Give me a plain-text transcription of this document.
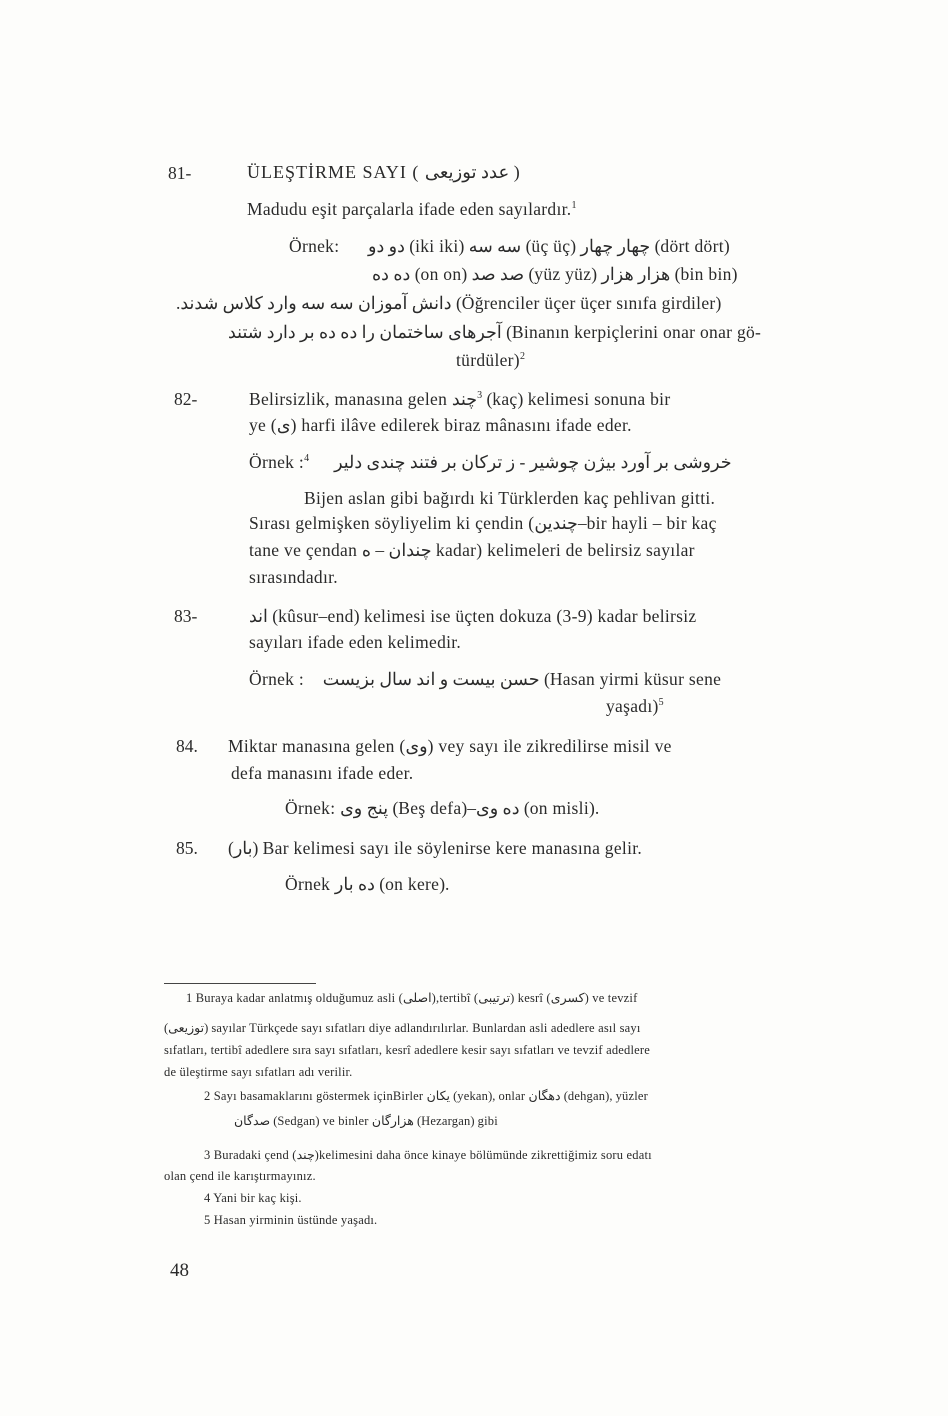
81-	ÜLEŞTİRME SAYI ( عدد توزیعی )
Madudu eşit parçalarla ifade eden sayılardır.$^1$
Örnek: دو دو (iki iki) سه سه (üç üç) چهار چهار (dört dört)
ده ده (on on) صد صد (yüz yüz) هزار هزار (bin bin)
دانش آموزان سه سه وارد کلاس شدند. (Öğrenciler üçer üçer sınıfa girdiler)
آجرهای ساختمان را ده ده بر دارد شتند (Binanın kerpiçlerini onar onar gö-
türdüler)$^2$
82-	Belirsizlik, manasına gelen چند$^3$ (kaç) kelimesi sonuna bir
ye (ی) harfi ilâve edilerek biraz mânasını ifade eder.
Örnek :$^4$ خروشی بر آورد بیژن چوشیر - ز ترکان بر فتند چندی دلیر
Bijen aslan gibi bağırdı ki Türklerden kaç pehlivan gitti.
Sırası gelmişken söyliyelim ki çendin (چندین–bir hayli – bir kaç
tane ve çendan چندان – ه kadar) kelimeleri de belirsiz sayılar
sırasındadır.
83-	اند (kûsur–end) kelimesi ise üçten dokuza (3-9) kadar belirsiz
sayıları ifade eden kelimedir.
Örnek : حسن بیست و اند سال بزیست (Hasan yirmi küsur sene
yaşadı)$^5$
84. Miktar manasına gelen (وی) vey sayı ile zikredilirse misil ve
defa manasını ifade eder.
Örnek: پنج وی (Beş defa)–ده وی (on misli).
85. (بار) Bar kelimesi sayı ile söylenirse kere manasına gelir.
Örnek ده بار (on kere).
1 Buraya kadar anlatmış olduğumuz asli (اصلی),tertibî (ترتیبی) kesrî (کسری) ve tevzif
(توزیعی) sayılar Türkçede sayı sıfatları diye adlandırılırlar. Bunlardan asli adedlere asıl sayı
sıfatları, tertibî adedlere sıra sayı sıfatları, kesrî adedlere kesir sayı sıfatları ve tevzif adedlere
de üleştirme sayı sıfatları adı verilir.
2 Sayı basamaklarını göstermek içinBirler یکان (yekan), onlar دهگان (dehgan), yüzler
صدگان (Sedgan) ve binler هزارگان (Hezargan) gibi
3 Buradaki çend (چند)kelimesini daha önce kinaye bölümünde zikrettiğimiz soru edatı
olan çend ile karıştırmayınız.
4 Yani bir kaç kişi.
5 Hasan yirminin üstünde yaşadı.
48
